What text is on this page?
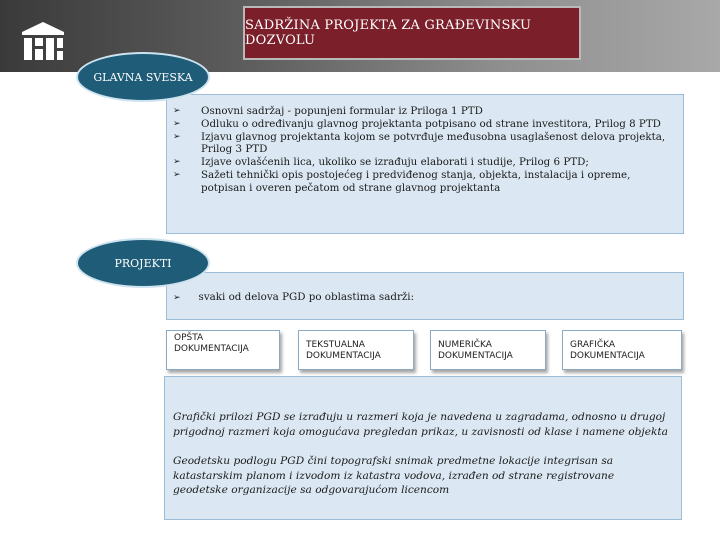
SADRŽINA PROJEKTA ZA GRAĐEVINSKU DOZVOLU
GLAVNA SVESKA
➢ Osnovni sadržaj - popunjeni formular iz Priloga 1 PTD
➢ Odluku o određivanju glavnog projektanta potpisano od strane investitora, Prilog 8 PTD
➢ Izjavu glavnog projektanta kojom se potvrđuje međusobna usaglašenost delova projekta, Prilog 3 PTD
➢ Izjave ovlašćenih lica, ukoliko se izrađuju elaborati i studije, Prilog 6 PTD;
➢ Sažeti tehnički opis postojećeg i predviđenog stanja, objekta, instalacija i opreme, potpisan i overen pečatom od strane glavnog projektanta
PROJEKTI
➢ svaki od delova PGD po oblastima sadrži:
OPŠTA DOKUMENTACIJA	TEKSTUALNA DOKUMENTACIJA
NUMERIČKA DOKUMENTACIJA
GRAFIČKA DOKUMENTACIJA

Grafički prilozi PGD se izrađuju u razmeri koja je navedena u zagradama, odnosno u drugoj prigodnoj razmeri koja omogućava pregledan prikaz, u zavisnosti od klase i namene objekta

Geodetsku podlogu PGD čini topografski snimak predmetne lokacije integrisan sa katastarskim planom i izvodom iz katastra vodova, izrađen od strane registrovane geodetske organizacije sa odgovarajućom licencom
